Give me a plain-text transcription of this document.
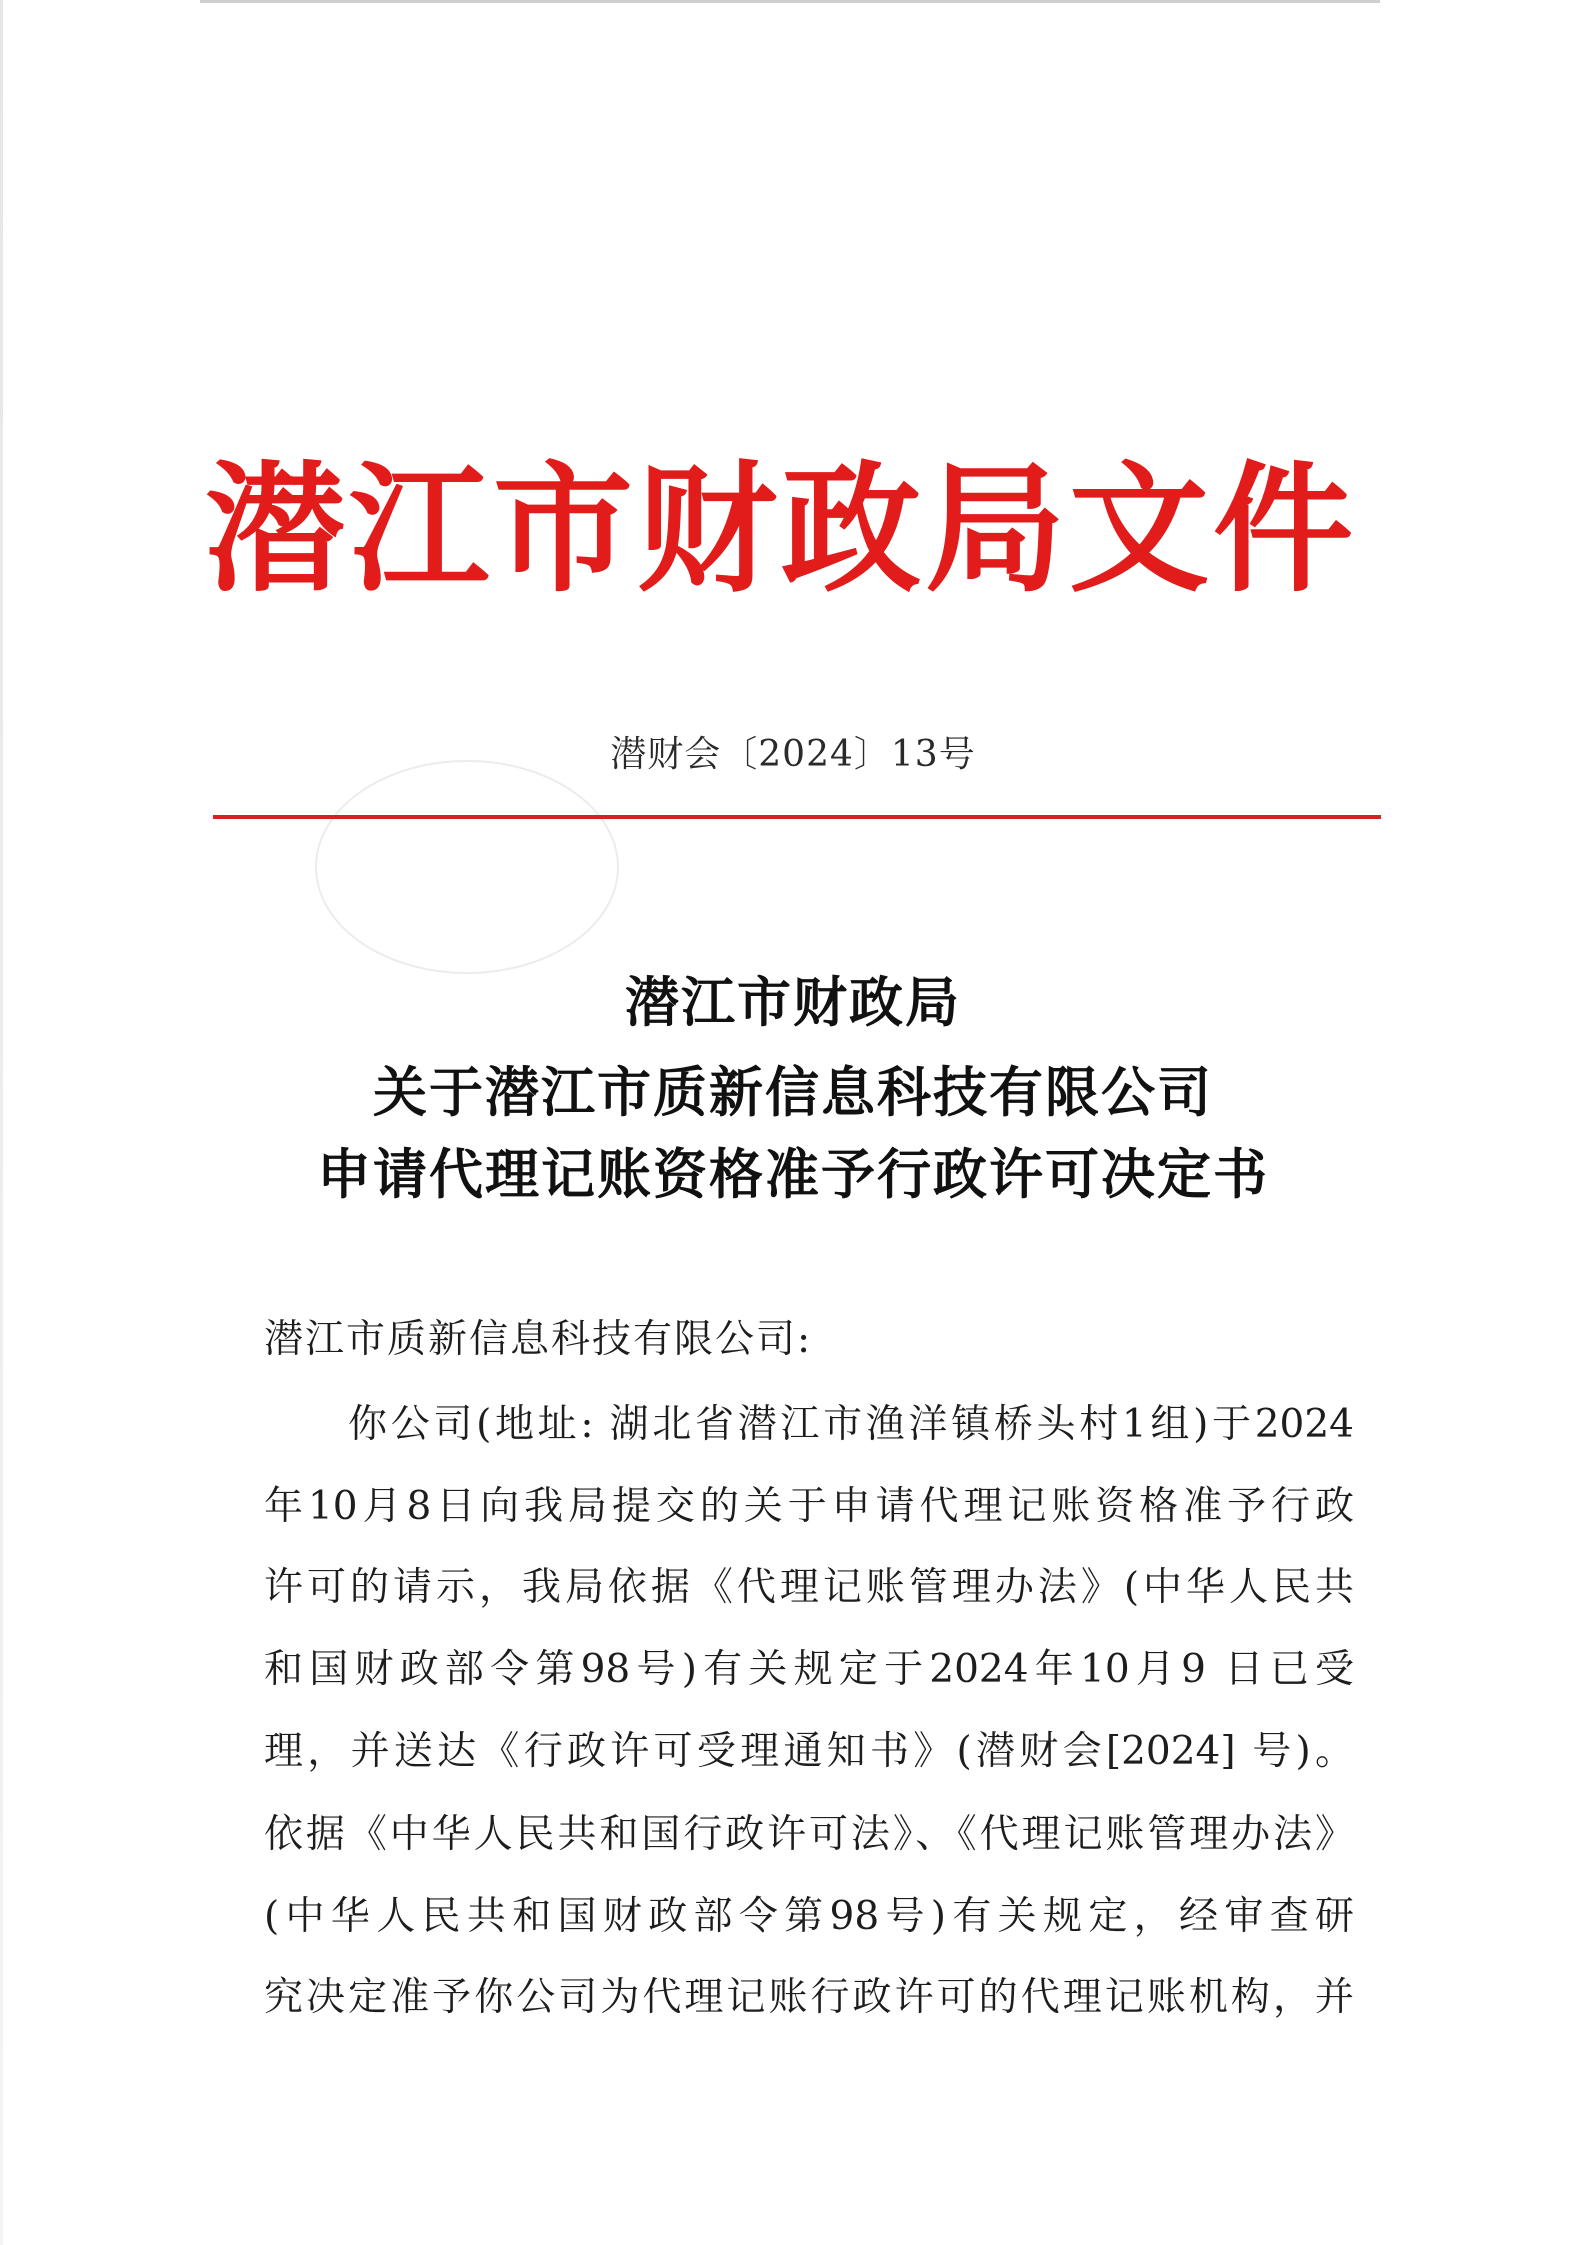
潜江市财政局文件
潜财会〔2024〕13号
潜江市财政局
关于潜江市质新信息科技有限公司
申请代理记账资格准予行政许可决定书
潜江市质新信息科技有限公司:
你公司(地址: 湖北省潜江市渔洋镇桥头村1组)于2024
年10月8日向我局提交的关于申请代理记账资格准予行政
许可的请示，我局依据《代理记账管理办法》(中华人民共
和国财政部令第98号)有关规定于2024年10月9 日已受
理，并送达《行政许可受理通知书》(潜财会[2024] 号)。
依据《中华人民共和国行政许可法》、《代理记账管理办法》
(中华人民共和国财政部令第98号)有关规定，经审查研
究决定准予你公司为代理记账行政许可的代理记账机构，并
